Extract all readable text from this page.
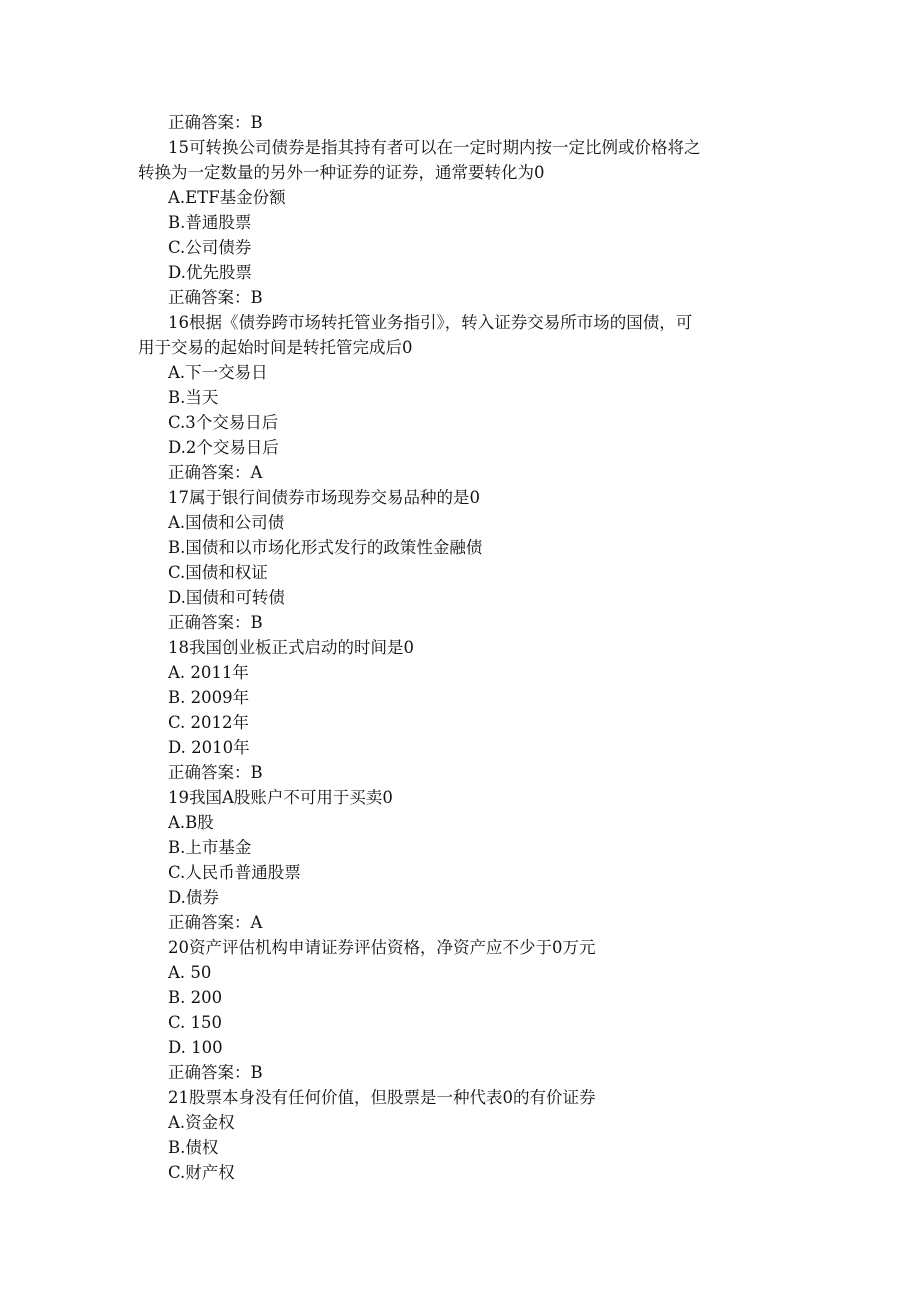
正确答案：B
15可转换公司债券是指其持有者可以在一定时期内按一定比例或价格将之
转换为一定数量的另外一种证券的证券，通常要转化为0
A.ETF基金份额
B.普通股票
C.公司债券
D.优先股票
正确答案：B
16根据《债券跨市场转托管业务指引》，转入证券交易所市场的国债，可
用于交易的起始时间是转托管完成后0
A.下一交易日
B.当天
C.3个交易日后
D.2个交易日后
正确答案：A
17属于银行间债券市场现券交易品种的是0
A.国债和公司债
B.国债和以市场化形式发行的政策性金融债
C.国债和权证
D.国债和可转债
正确答案：B
18我国创业板正式启动的时间是0
A. 2011年
B. 2009年
C. 2012年
D. 2010年
正确答案：B
19我国A股账户不可用于买卖0
A.B股
B.上市基金
C.人民币普通股票
D.债券
正确答案：A
20资产评估机构申请证券评估资格，净资产应不少于0万元
A. 50
B. 200
C. 150
D. 100
正确答案：B
21股票本身没有任何价值，但股票是一种代表0的有价证券
A.资金权
B.债权
C.财产权
